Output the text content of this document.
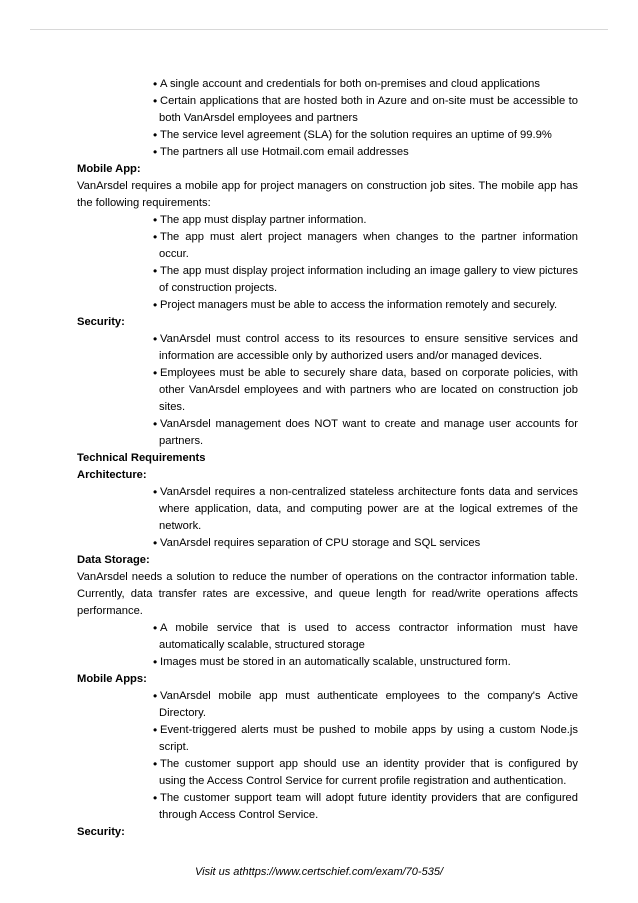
• A single account and credentials for both on-premises and cloud applications
• Certain applications that are hosted both in Azure and on-site must be accessible to both VanArsdel employees and partners
• The service level agreement (SLA) for the solution requires an uptime of 99.9%
• The partners all use Hotmail.com email addresses
Mobile App:
VanArsdel requires a mobile app for project managers on construction job sites. The mobile app has the following requirements:
• The app must display partner information.
• The app must alert project managers when changes to the partner information occur.
• The app must display project information including an image gallery to view pictures of construction projects.
• Project managers must be able to access the information remotely and securely.
Security:
• VanArsdel must control access to its resources to ensure sensitive services and information are accessible only by authorized users and/or managed devices.
• Employees must be able to securely share data, based on corporate policies, with other VanArsdel employees and with partners who are located on construction job sites.
• VanArsdel management does NOT want to create and manage user accounts for partners.
Technical Requirements
Architecture:
• VanArsdel requires a non-centralized stateless architecture fonts data and services where application, data, and computing power are at the logical extremes of the network.
• VanArsdel requires separation of CPU storage and SQL services
Data Storage:
VanArsdel needs a solution to reduce the number of operations on the contractor information table. Currently, data transfer rates are excessive, and queue length for read/write operations affects performance.
• A mobile service that is used to access contractor information must have automatically scalable, structured storage
• Images must be stored in an automatically scalable, unstructured form.
Mobile Apps:
• VanArsdel mobile app must authenticate employees to the company's Active Directory.
• Event-triggered alerts must be pushed to mobile apps by using a custom Node.js script.
• The customer support app should use an identity provider that is configured by using the Access Control Service for current profile registration and authentication.
• The customer support team will adopt future identity providers that are configured through Access Control Service.
Security:
Visit us athttps://www.certschief.com/exam/70-535/
